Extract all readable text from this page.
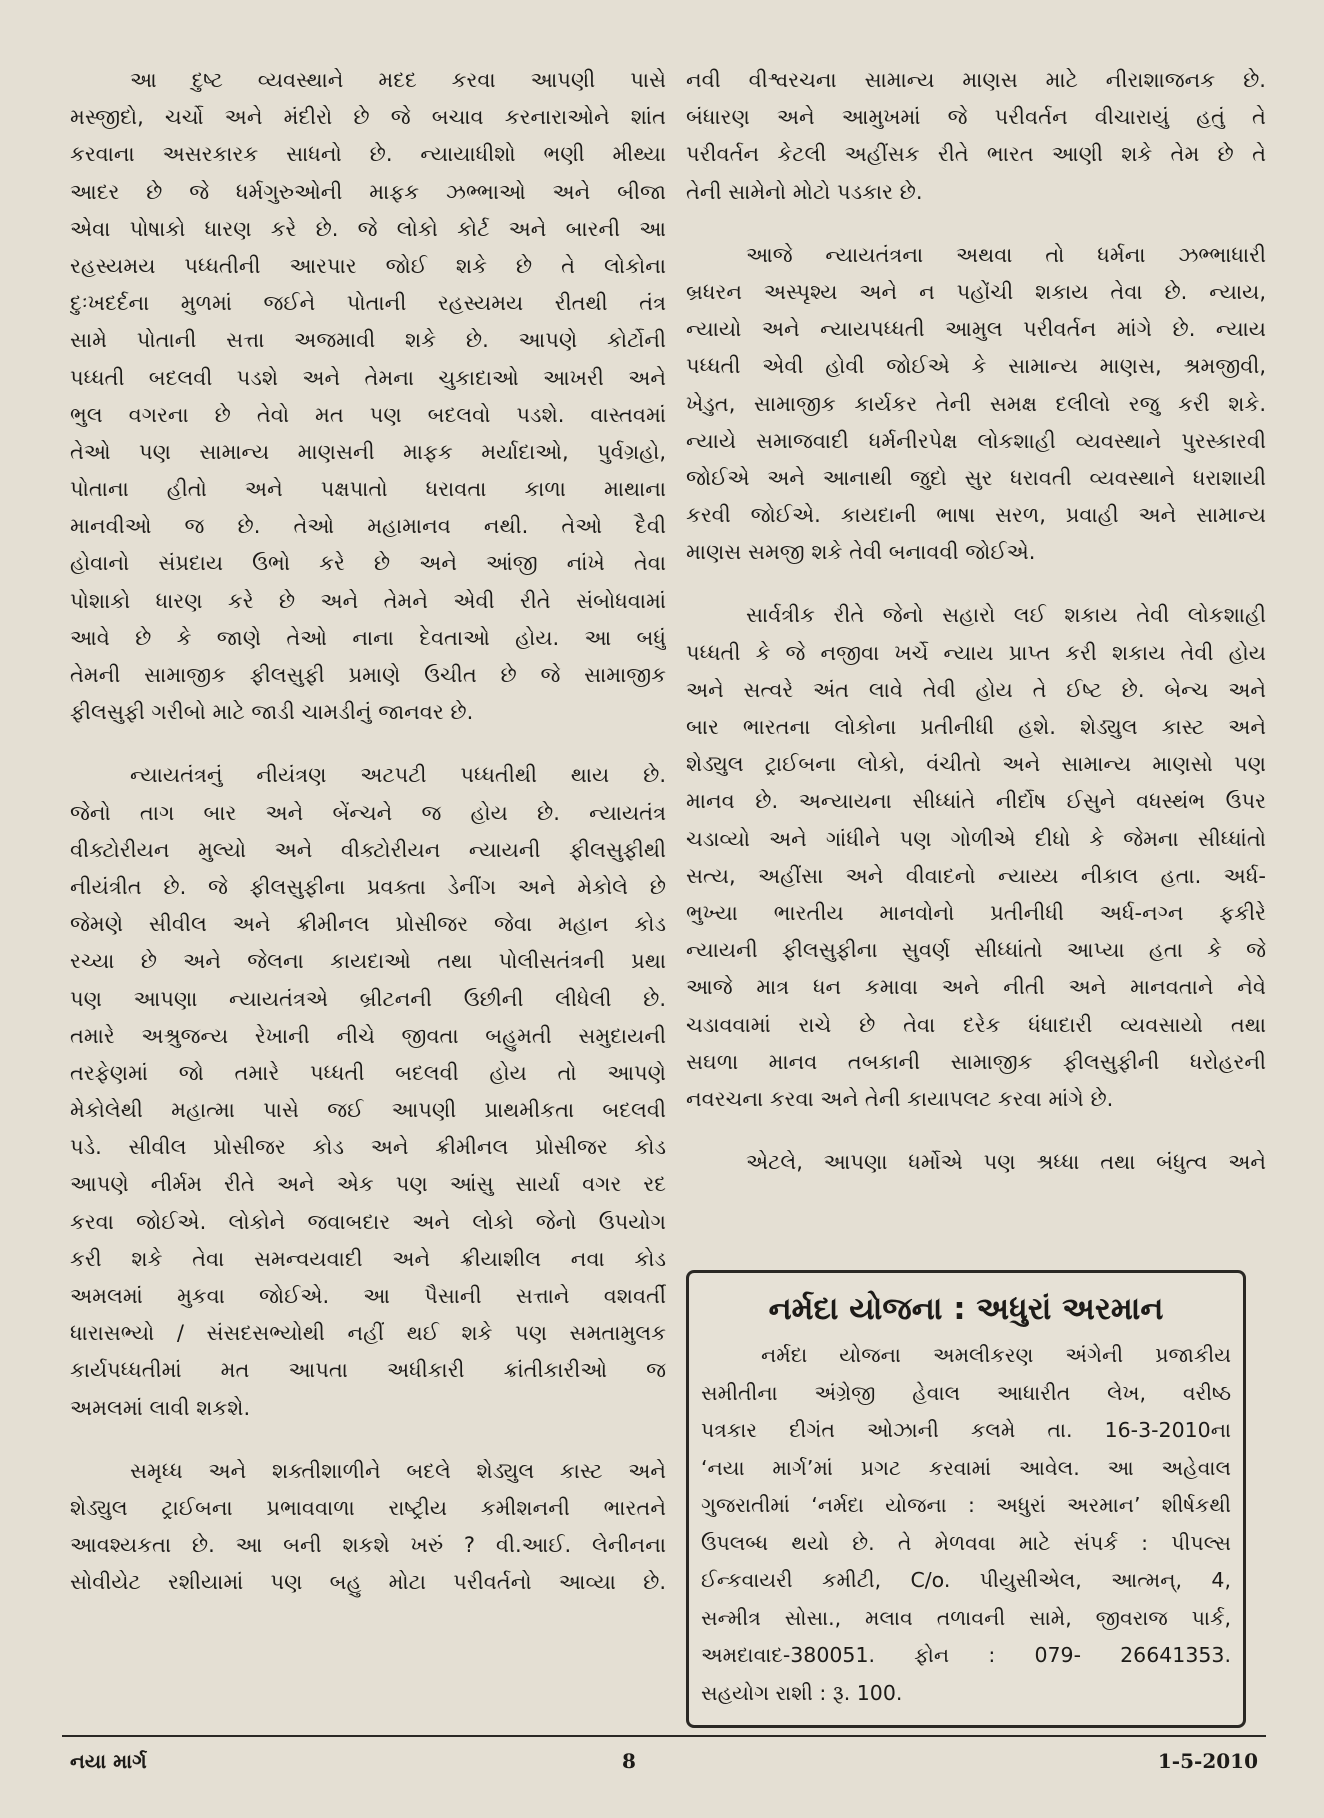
આ દુષ્ટ વ્યવસ્થાને મદદ કરવા આપણી પાસે
મસ્જીદો, ચર્ચો અને મંદીરો છે જે બચાવ કરનારાઓને શાંત
કરવાના અસરકારક સાધનો છે. ન્યાયાધીશો ભણી મીથ્યા
આદર છે જે ધર્મગુરુઓની માફક ઝભ્ભાઓ અને બીજા
એવા પોષાકો ધારણ કરે છે. જે લોકો કોર્ટ અને બારની આ
રહસ્યમય પધ્ધતીની આરપાર જોઈ શકે છે તે લોકોના
દુઃખદર્દના મુળમાં જઈને પોતાની રહસ્યમય રીતથી તંત્ર
સામે પોતાની સત્તા અજમાવી શકે છે. આપણે કોર્ટોની
પધ્ધતી બદલવી પડશે અને તેમના ચુકાદાઓ આખરી અને
ભુલ વગરના છે તેવો મત પણ બદલવો પડશે. વાસ્તવમાં
તેઓ પણ સામાન્ય માણસની માફક મર્યાદાઓ, પુર્વગ્રહો,
પોતાના હીતો અને પક્ષપાતો ધરાવતા કાળા માથાના
માનવીઓ જ છે. તેઓ મહામાનવ નથી. તેઓ દૈવી
હોવાનો સંપ્રદાય ઉભો કરે છે અને આંજી નાંખે તેવા
પોશાકો ધારણ કરે છે અને તેમને એવી રીતે સંબોધવામાં
આવે છે કે જાણે તેઓ નાના દેવતાઓ હોય. આ બધું
તેમની સામાજીક ફીલસુફી પ્રમાણે ઉચીત છે જે સામાજીક
ફીલસુફી ગરીબો માટે જાડી ચામડીનું જાનવર છે.
ન્યાયતંત્રનું નીયંત્રણ અટપટી પધ્ધતીથી થાય છે.
જેનો તાગ બાર અને બેંન્ચને જ હોય છે. ન્યાયતંત્ર
વીક્ટોરીયન મુલ્યો અને વીક્ટોરીયન ન્યાયની ફીલસુફીથી
નીયંત્રીત છે. જે ફીલસુફીના પ્રવક્તા ડેનીંગ અને મેકોલે છે
જેમણે સીવીલ અને ક્રીમીનલ પ્રોસીજર જેવા મહાન કોડ
રચ્યા છે અને જેલના કાયદાઓ તથા પોલીસતંત્રની પ્રથા
પણ આપણા ન્યાયતંત્રએ બ્રીટનની ઉછીની લીધેલી છે.
તમારે અશ્રુજન્ય રેખાની નીચે જીવતા બહુમતી સમુદાયની
તરફેણમાં જો તમારે પધ્ધતી બદલવી હોય તો આપણે
મેકોલેથી મહાત્મા પાસે જઈ આપણી પ્રાથમીકતા બદલવી
પડે. સીવીલ પ્રોસીજર કોડ અને ક્રીમીનલ પ્રોસીજર કોડ
આપણે નીર્મમ રીતે અને એક પણ આંસુ સાર્યા વગર રદ
કરવા જોઈએ. લોકોને જવાબદાર અને લોકો જેનો ઉપયોગ
કરી શકે તેવા સમન્વયવાદી અને ક્રીયાશીલ નવા કોડ
અમલમાં મુકવા જોઈએ. આ પૈસાની સત્તાને વશવર્તી
ધારાસભ્યો / સંસદસભ્યોથી નહીં થઈ શકે પણ સમતામુલક
કાર્યપધ્ધતીમાં મત આપતા અધીકારી ક્રાંતીકારીઓ જ
અમલમાં લાવી શકશે.
સમૃધ્ધ અને શક્તીશાળીને બદલે શેડ્યુલ કાસ્ટ અને
શેડ્યુલ ટ્રાઈબના પ્રભાવવાળા રાષ્ટ્રીય કમીશનની ભારતને
આવશ્યકતા છે. આ બની શકશે ખરું ? વી.આઈ. લેનીનના
સોવીયેટ રશીયામાં પણ બહુ મોટા પરીવર્તનો આવ્યા છે.
નવી વીશ્વરચના સામાન્ય માણસ માટે નીરાશાજનક છે.
બંધારણ અને આમુખમાં જે પરીવર્તન વીચારાયું હતું તે
પરીવર્તન કેટલી અહીંસક રીતે ભારત આણી શકે તેમ છે તે
તેની સામેનો મોટો પડકાર છે.
આજે ન્યાયતંત્રના અથવા તો ધર્મના ઝભ્ભાધારી
બ્રધરન અસ્પૃશ્ય અને ન પહોંચી શકાય તેવા છે. ન્યાય,
ન્યાયો અને ન્યાયપધ્ધતી આમુલ પરીવર્તન માંગે છે. ન્યાય
પધ્ધતી એવી હોવી જોઈએ કે સામાન્ય માણસ, શ્રમજીવી,
ખેડુત, સામાજીક કાર્યકર તેની સમક્ષ દલીલો રજુ કરી શકે.
ન્યાયે સમાજવાદી ધર્મનીરપેક્ષ લોકશાહી વ્યવસ્થાને પુરસ્કારવી
જોઈએ અને આનાથી જુદો સુર ધરાવતી વ્યવસ્થાને ધરાશાયી
કરવી જોઈએ. કાયદાની ભાષા સરળ, પ્રવાહી અને સામાન્ય
માણસ સમજી શકે તેવી બનાવવી જોઈએ.
સાર્વત્રીક રીતે જેનો સહારો લઈ શકાય તેવી લોકશાહી
પધ્ધતી કે જે નજીવા ખર્ચે ન્યાય પ્રાપ્ત કરી શકાય તેવી હોય
અને સત્વરે અંત લાવે તેવી હોય તે ઈષ્ટ છે. બેન્ચ અને
બાર ભારતના લોકોના પ્રતીનીધી હશે. શેડ્યુલ કાસ્ટ અને
શેડ્યુલ ટ્રાઈબના લોકો, વંચીતો અને સામાન્ય માણસો પણ
માનવ છે. અન્યાયના સીધ્ધાંતે નીર્દોષ ઈસુને વધસ્થંભ ઉપર
ચડાવ્યો અને ગાંધીને પણ ગોળીએ દીધો કે જેમના સીધ્ધાંતો
સત્ય, અહીંસા અને વીવાદનો ન્યાય્ય નીકાલ હતા. અર્ધ-
ભુખ્યા ભારતીય માનવોનો પ્રતીનીધી અર્ધ-નગ્ન ફકીરે
ન્યાયની ફીલસુફીના સુવર્ણ સીધ્ધાંતો આપ્યા હતા કે જે
આજે માત્ર ધન કમાવા અને નીતી અને માનવતાને નેવે
ચડાવવામાં રાચે છે તેવા દરેક ધંધાદારી વ્યવસાયો તથા
સઘળા માનવ તબકાની સામાજીક ફીલસુફીની ધરોહરની
નવરચના કરવા અને તેની કાયાપલટ કરવા માંગે છે.
એટલે, આપણા ધર્મોએ પણ શ્રધ્ધા તથા બંધુત્વ અને
નર્મદા યોજના : અધુરાં અરમાન
નર્મદા યોજના અમલીકરણ અંગેની પ્રજાકીય
સમીતીના અંગ્રેજી હેવાલ આધારીત લેખ, વરીષ્ઠ
પત્રકાર દીગંત ઓઝાની કલમે તા. 16-3-2010ના
‘નયા માર્ગ’માં પ્રગટ કરવામાં આવેલ. આ અહેવાલ
ગુજરાતીમાં ‘નર્મદા યોજના : અધુરાં અરમાન’ શીર્ષકથી
ઉપલબ્ધ થયો છે. તે મેળવવા માટે સંપર્ક : પીપલ્સ
ઈન્કવાયરી કમીટી, C/o. પીયુસીએલ, આત્મન્, 4,
સન્મીત્ર સોસા., મલાવ તળાવની સામે, જીવરાજ પાર્ક,
અમદાવાદ-380051. ફોન : 079- 26641353.
સહયોગ રાશી : રૂ. 100.
નયા માર્ગ	8	1-5-2010
